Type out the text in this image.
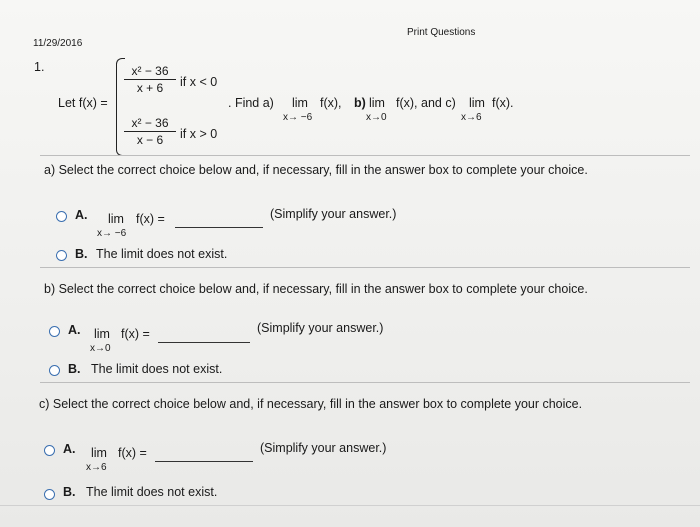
11/29/2016
Print Questions
1.
Let f(x) =
x² − 36
x + 6	if x < 0
x² − 36
x − 6	if x > 0
. Find a) lim
x→ −6
f(x), b) lim
x→0
f(x), and c) lim
x→6
f(x).
a) Select the correct choice below and, if necessary, fill in the answer box to complete your choice.
A. lim f(x) =
x→ −6
(Simplify your answer.)
B. The limit does not exist.
b) Select the correct choice below and, if necessary, fill in the answer box to complete your choice.
A. lim f(x) =
x→0
(Simplify your answer.)
B. The limit does not exist.
c) Select the correct choice below and, if necessary, fill in the answer box to complete your choice.
A. lim f(x) =
x→6
(Simplify your answer.)
B. The limit does not exist.
